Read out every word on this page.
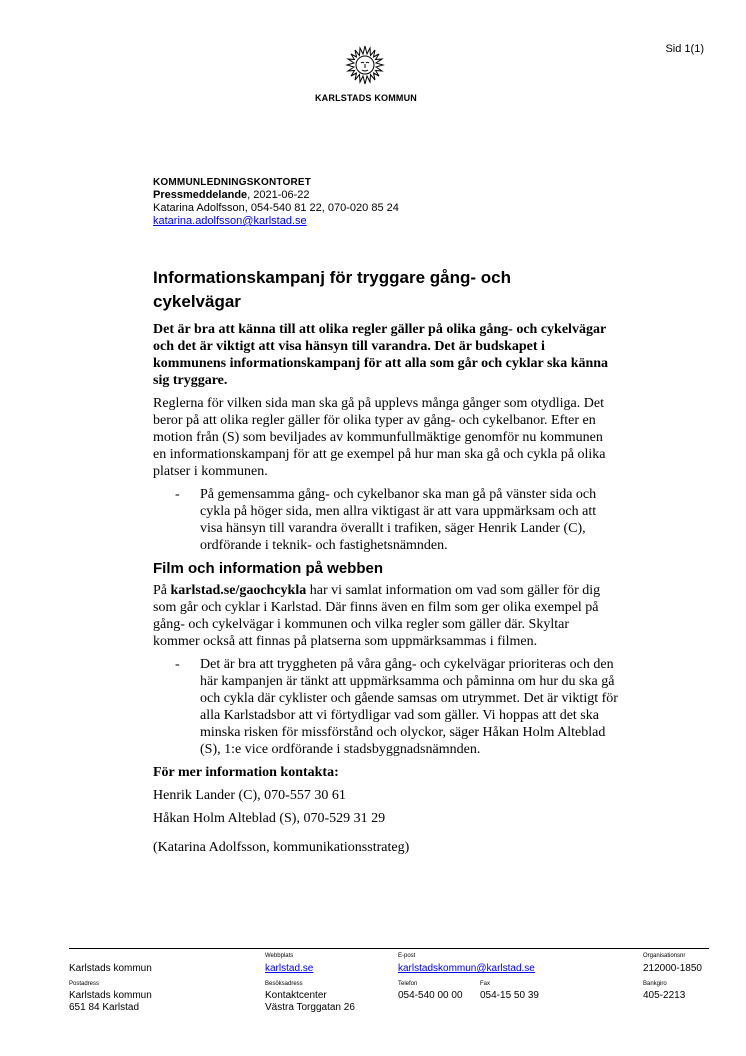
Sid 1(1)
KARLSTADS KOMMUN
KOMMUNLEDNINGSKONTORET
Pressmeddelande, 2021-06-22
Katarina Adolfsson, 054-540 81 22, 070-020 85 24
katarina.adolfsson@karlstad.se
Informationskampanj för tryggare gång- och cykelvägar

Det är bra att känna till att olika regler gäller på olika gång- och cykelvägar och det är viktigt att visa hänsyn till varandra. Det är budskapet i kommunens informationskampanj för att alla som går och cyklar ska känna sig tryggare.

Reglerna för vilken sida man ska gå på upplevs många gånger som otydliga. Det beror på att olika regler gäller för olika typer av gång- och cykelbanor. Efter en motion från (S) som beviljades av kommunfullmäktige genomför nu kommunen en informationskampanj för att ge exempel på hur man ska gå och cykla på olika platser i kommunen.

- På gemensamma gång- och cykelbanor ska man gå på vänster sida och cykla på höger sida, men allra viktigast är att vara uppmärksam och att visa hänsyn till varandra överallt i trafiken, säger Henrik Lander (C), ordförande i teknik- och fastighetsnämnden.
Film och information på webben

På karlstad.se/gaochcykla har vi samlat information om vad som gäller för dig som går och cyklar i Karlstad. Där finns även en film som ger olika exempel på gång- och cykelvägar i kommunen och vilka regler som gäller där. Skyltar kommer också att finnas på platserna som uppmärksammas i filmen.

- Det är bra att tryggheten på våra gång- och cykelvägar prioriteras och den här kampanjen är tänkt att uppmärksamma och påminna om hur du ska gå och cykla där cyklister och gående samsas om utrymmet. Det är viktigt för alla Karlstadsbor att vi förtydligar vad som gäller. Vi hoppas att det ska minska risken för missförstånd och olyckor, säger Håkan Holm Alteblad (S), 1:e vice ordförande i stadsbyggnadsnämnden.

För mer information kontakta:

Henrik Lander (C), 070-557 30 61

Håkan Holm Alteblad (S), 070-529 31 29

(Katarina Adolfsson, kommunikationsstrateg)

Karlstads kommun
Webbplats
karlstad.se
E-post
karlstadskommun@karlstad.se
Organisationsnr
212000-1850
Postadress
Karlstads kommun
651 84 Karlstad
Besöksadress
Kontaktcenter
Västra Torggatan 26
Telefon
054-540 00 00
Fax
054-15 50 39
Bankgiro
405-2213
